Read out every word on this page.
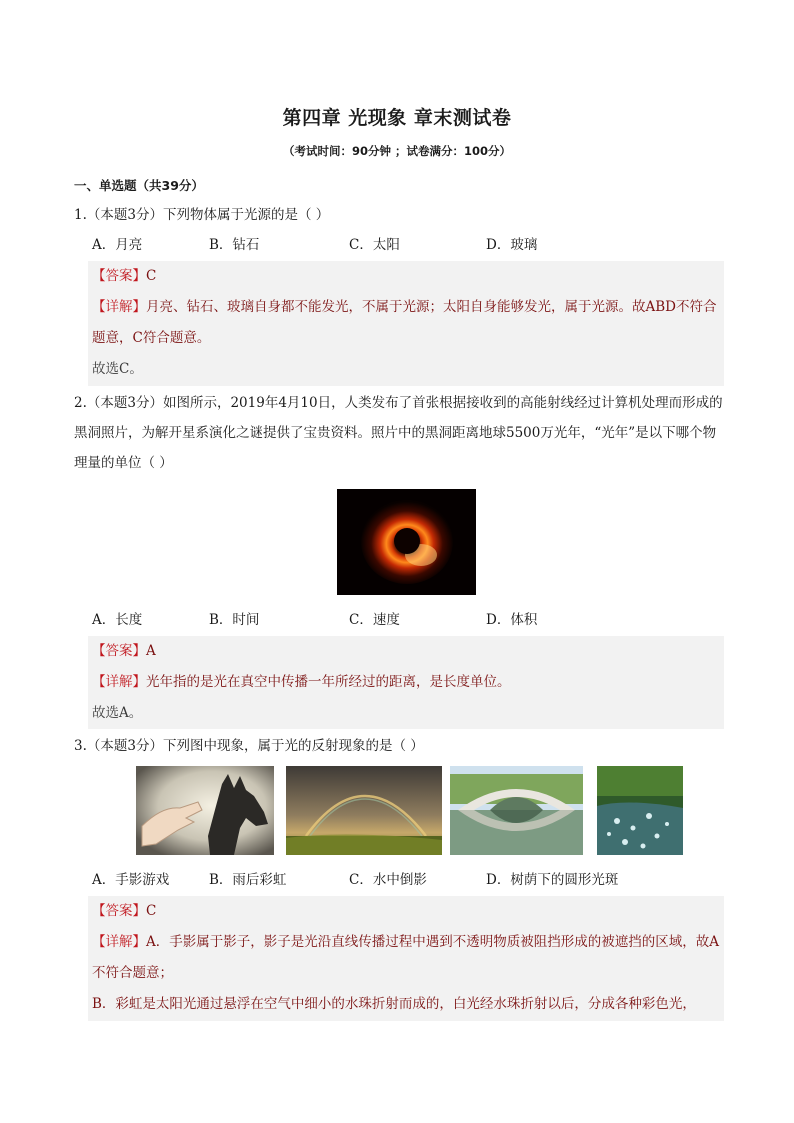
第四章 光现象 章末测试卷
（考试时间：90分钟 ；试卷满分：100分）
一、单选题（共39分）
1.（本题3分）下列物体属于光源的是（ ）
A．月亮	B．钻石	C．太阳	D．玻璃

【答案】C

【详解】月亮、钻石、玻璃自身都不能发光，不属于光源；太阳自身能够发光，属于光源。故ABD不符合题意，C符合题意。

故选C。

2.（本题3分）如图所示，2019年4月10日，人类发布了首张根据接收到的高能射线经过计算机处理而形成的黑洞照片，为解开星系演化之谜提供了宝贵资料。照片中的黑洞距离地球5500万光年，“光年”是以下哪个物理量的单位（ ）
A．长度	B．时间	C．速度	D．体积

【答案】A

【详解】光年指的是光在真空中传播一年所经过的距离，是长度单位。

故选A。

3.（本题3分）下列图中现象，属于光的反射现象的是（ ）
A．手影游戏	B．雨后彩虹	C．水中倒影	D．树荫下的圆形光斑

【答案】C

【详解】A．手影属于影子，影子是光沿直线传播过程中遇到不透明物质被阻挡形成的被遮挡的区域，故A不符合题意；

B．彩虹是太阳光通过悬浮在空气中细小的水珠折射而成的，白光经水珠折射以后，分成各种彩色光，
